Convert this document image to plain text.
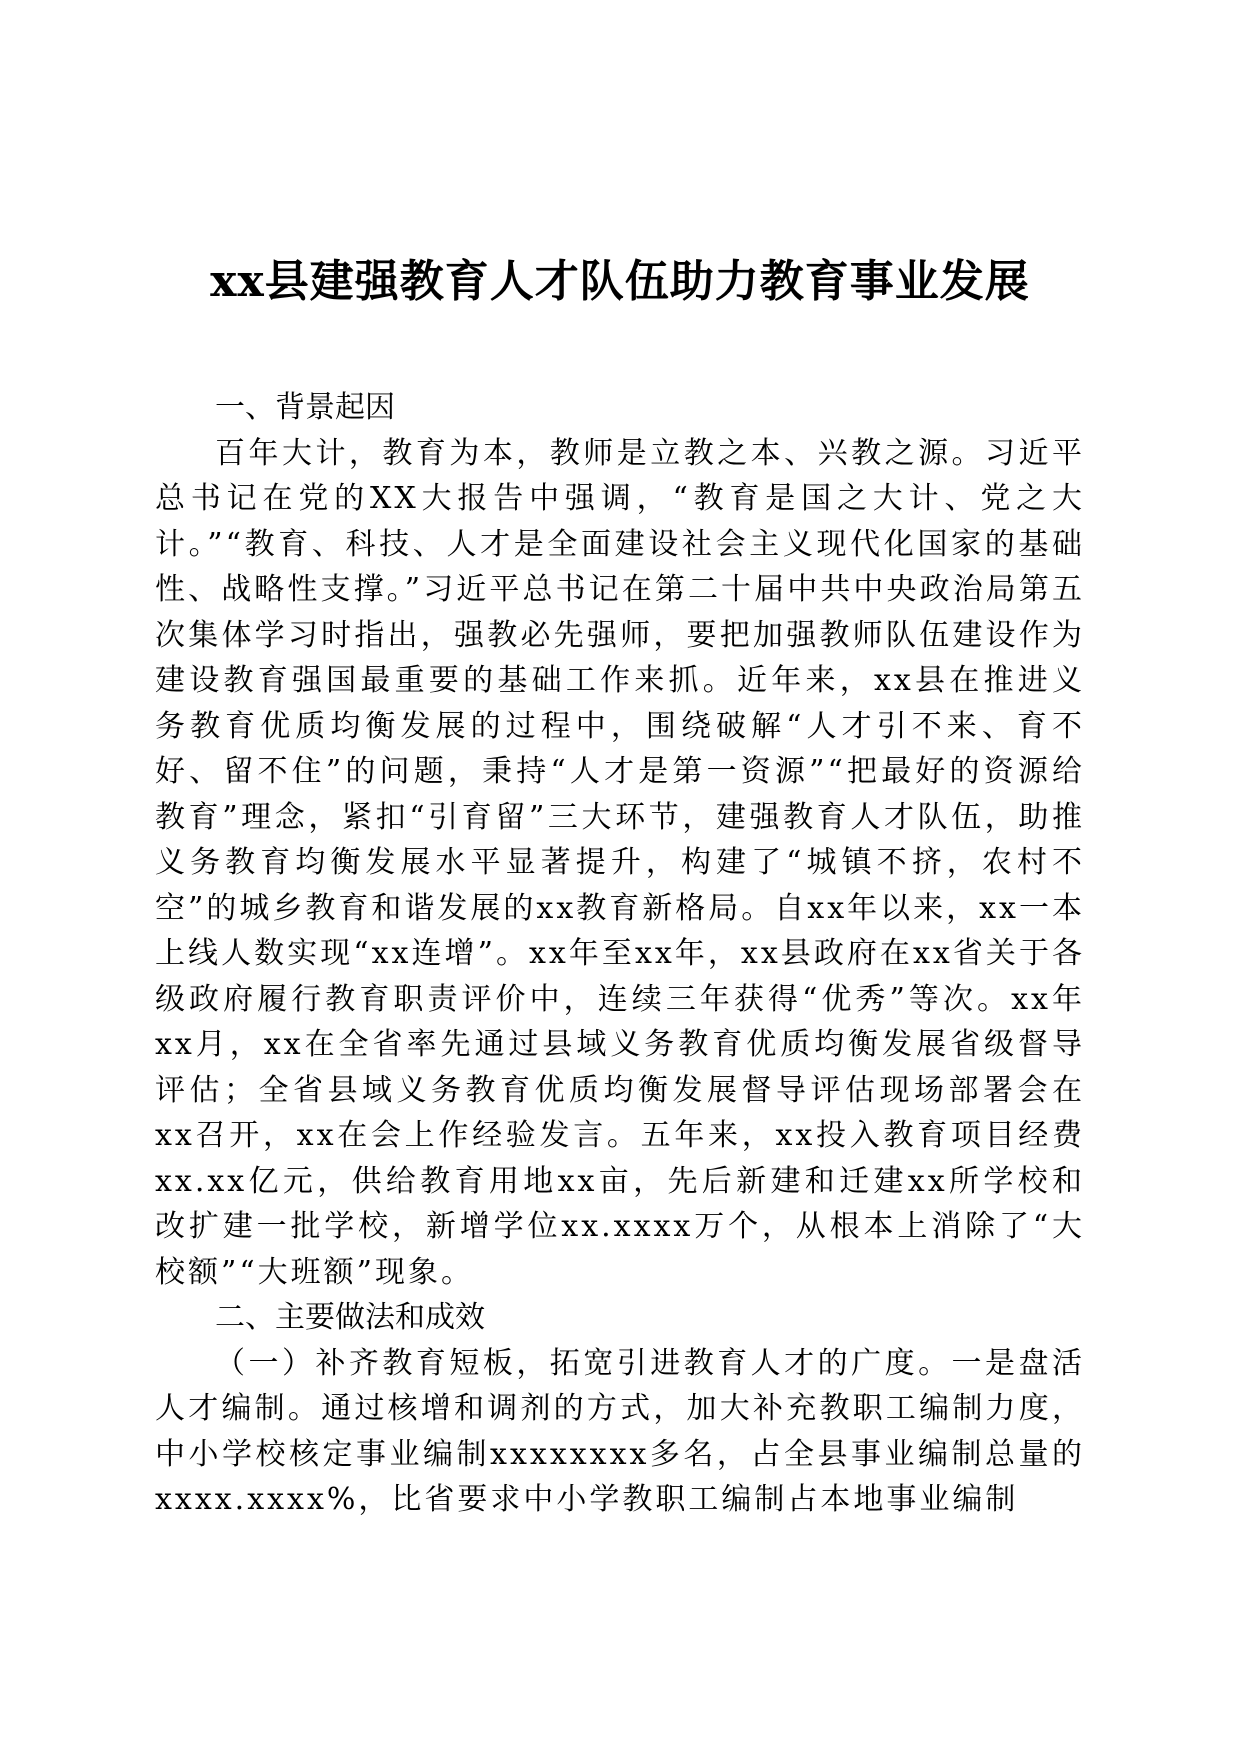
xx县建强教育人才队伍助力教育事业发展

一、背景起因

百年大计，教育为本，教师是立教之本、兴教之源。习近平总书记在党的XX大报告中强调，“教育是国之大计、党之大计。”“教育、科技、人才是全面建设社会主义现代化国家的基础性、战略性支撑。”习近平总书记在第二十届中共中央政治局第五次集体学习时指出，强教必先强师，要把加强教师队伍建设作为建设教育强国最重要的基础工作来抓。近年来，xx县在推进义务教育优质均衡发展的过程中，围绕破解“人才引不来、育不好、留不住”的问题，秉持“人才是第一资源”“把最好的资源给教育”理念，紧扣“引育留”三大环节，建强教育人才队伍，助推义务教育均衡发展水平显著提升，构建了“城镇不挤，农村不空”的城乡教育和谐发展的xx教育新格局。自xx年以来，xx一本上线人数实现“xx连增”。xx年至xx年，xx县政府在xx省关于各级政府履行教育职责评价中，连续三年获得“优秀”等次。xx年xx月，xx在全省率先通过县域义务教育优质均衡发展省级督导评估；全省县域义务教育优质均衡发展督导评估现场部署会在xx召开，xx在会上作经验发言。五年来，xx投入教育项目经费xx.xx亿元，供给教育用地xx亩，先后新建和迁建xx所学校和改扩建一批学校，新增学位xx.xxxx万个，从根本上消除了“大校额”“大班额”现象。

二、主要做法和成效

（一）补齐教育短板，拓宽引进教育人才的广度。一是盘活人才编制。通过核增和调剂的方式，加大补充教职工编制力度，中小学校核定事业编制xxxxxxxx多名，占全县事业编制总量的xxxx.xxxx%，比省要求中小学教职工编制占本地事业编制
